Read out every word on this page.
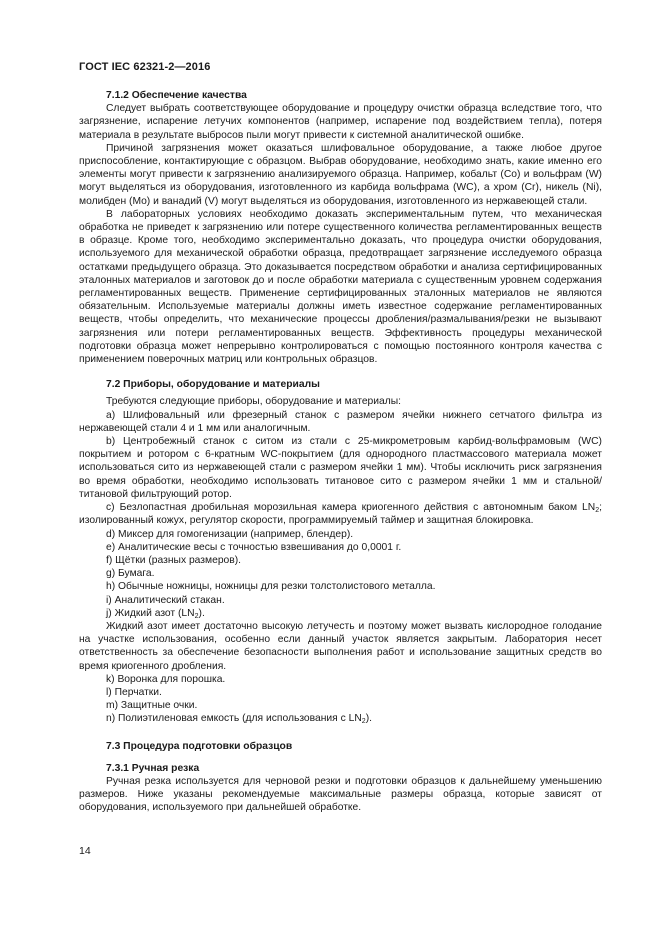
ГОСТ IEC 62321-2—2016
7.1.2 Обеспечение качества

Следует выбрать соответствующее оборудование и процедуру очистки образца вследствие того, что загрязнение, испарение летучих компонентов (например, испарение под воздействием тепла), потеря материала в результате выбросов пыли могут привести к системной аналитической ошибке.

Причиной загрязнения может оказаться шлифовальное оборудование, а также любое другое приспособление, контактирующие с образцом. Выбрав оборудование, необходимо знать, какие именно его элементы могут привести к загрязнению анализируемого образца. Например, кобальт (Co) и вольфрам (W) могут выделяться из оборудования, изготовленного из карбида вольфрама (WC), а хром (Cr), никель (Ni), молибден (Mo) и ванадий (V) могут выделяться из оборудования, изготовленного из нержавеющей стали.

В лабораторных условиях необходимо доказать экспериментальным путем, что механическая обработка не приведет к загрязнению или потере существенного количества регламентированных веществ в образце. Кроме того, необходимо экспериментально доказать, что процедура очистки оборудования, используемого для механической обработки образца, предотвращает загрязнение исследуемого образца остатками предыдущего образца. Это доказывается посредством обработки и анализа сертифицированных эталонных материалов и заготовок до и после обработки материала с существенным уровнем содержания регламентированных веществ. Применение сертифицированных эталонных материалов не являются обязательным. Используемые материалы должны иметь известное содержание регламентированных веществ, чтобы определить, что механические процессы дробления/размалывания/резки не вызывают загрязнения или потери регламентированных веществ. Эффективность процедуры механической подготовки образца может непрерывно контролироваться с помощью постоянного контроля качества с применением поверочных матриц или контрольных образцов.

7.2 Приборы, оборудование и материалы

Требуются следующие приборы, оборудование и материалы:

а) Шлифовальный или фрезерный станок с размером ячейки нижнего сетчатого фильтра из нержавеющей стали 4 и 1 мм или аналогичным.

b) Центробежный станок с ситом из стали с 25-микрометровым карбид-вольфрамовым (WC) покрытием и ротором с 6-кратным WC-покрытием (для однородного пластмассового материала может использоваться сито из нержавеющей стали с размером ячейки 1 мм). Чтобы исключить риск загрязнения во время обработки, необходимо использовать титановое сито с размером ячейки 1 мм и стальной/титановой фильтрующий ротор.

c) Безлопастная дробильная морозильная камера криогенного действия с автономным баком $LN_2$; изолированный кожух, регулятор скорости, программируемый таймер и защитная блокировка.

d) Миксер для гомогенизации (например, блендер).

е) Аналитические весы с точностью взвешивания до 0,0001 г.

f) Щётки (разных размеров).

g) Бумага.

h) Обычные ножницы, ножницы для резки толстолистового металла.

i) Аналитический стакан.

j) Жидкий азот $(LN_2)$.

Жидкий азот имеет достаточно высокую летучесть и поэтому может вызвать кислородное голодание на участке использования, особенно если данный участок является закрытым. Лаборатория несет ответственность за обеспечение безопасности выполнения работ и использование защитных средств во время криогенного дробления.

k) Воронка для порошка.

l) Перчатки.

m) Защитные очки.

n) Полиэтиленовая емкость (для использования с $LN_2$).

7.3 Процедура подготовки образцов
7.3.1 Ручная резка

Ручная резка используется для черновой резки и подготовки образцов к дальнейшему уменьшению размеров. Ниже указаны рекомендуемые максимальные размеры образца, которые зависят от оборудования, используемого при дальнейшей обработке.

14
